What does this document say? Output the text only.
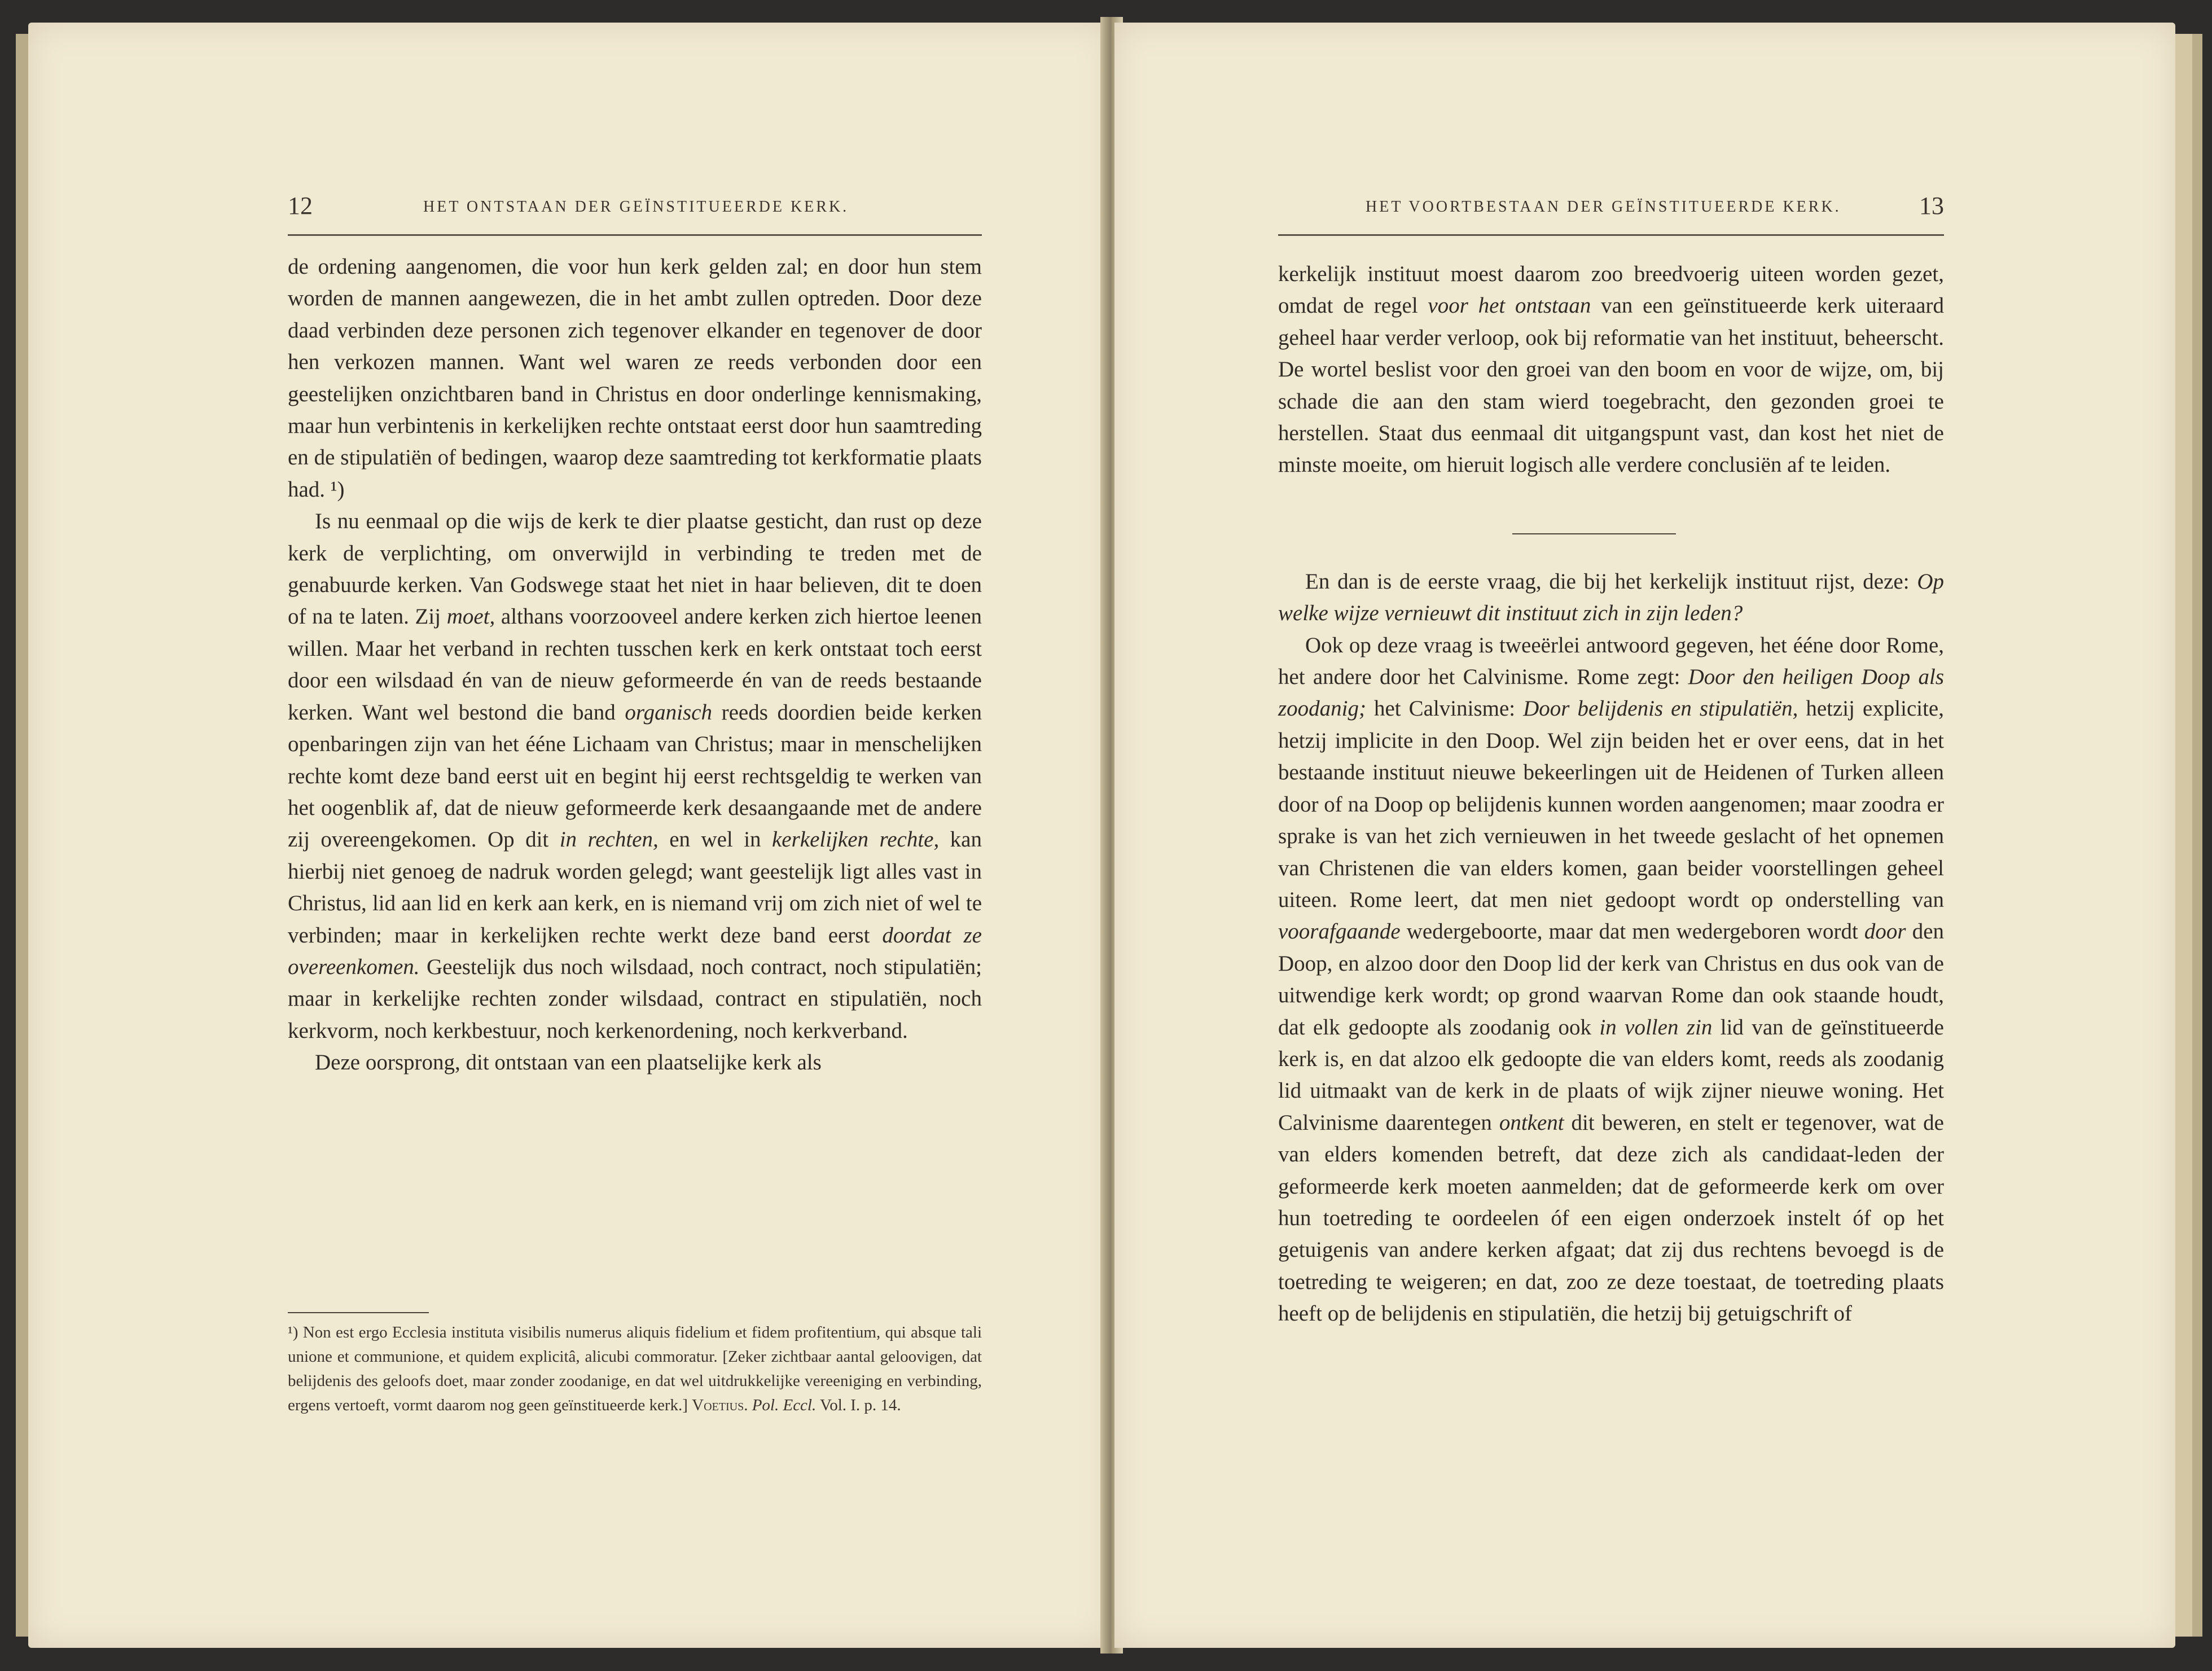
12	HET ONTSTAAN DER GEÏNSTITUEERDE KERK.

de ordening aangenomen, die voor hun kerk gelden zal; en door hun stem worden de mannen aangewezen, die in het ambt zullen optreden. Door deze daad verbinden deze personen zich tegenover elkander en tegenover de door hen verkozen mannen. Want wel waren ze reeds verbonden door een geestelijken onzichtbaren band in Christus en door onderlinge kennismaking, maar hun verbintenis in kerkelijken rechte ontstaat eerst door hun saamtreding en de stipulatiën of bedingen, waarop deze saamtreding tot kerkformatie plaats had. ¹)

Is nu eenmaal op die wijs de kerk te dier plaatse gesticht, dan rust op deze kerk de verplichting, om onverwijld in verbinding te treden met de genabuurde kerken. Van Godswege staat het niet in haar believen, dit te doen of na te laten. Zij moet, althans voorzooveel andere kerken zich hiertoe leenen willen. Maar het verband in rechten tusschen kerk en kerk ontstaat toch eerst door een wilsdaad én van de nieuw geformeerde én van de reeds bestaande kerken. Want wel bestond die band organisch reeds doordien beide kerken openbaringen zijn van het ééne Lichaam van Christus; maar in menschelijken rechte komt deze band eerst uit en begint hij eerst rechtsgeldig te werken van het oogenblik af, dat de nieuw geformeerde kerk desaangaande met de andere zij overeengekomen. Op dit in rechten, en wel in kerkelijken rechte, kan hierbij niet genoeg de nadruk worden gelegd; want geestelijk ligt alles vast in Christus, lid aan lid en kerk aan kerk, en is niemand vrij om zich niet of wel te verbinden; maar in kerkelijken rechte werkt deze band eerst doordat ze overeenkomen. Geestelijk dus noch wilsdaad, noch contract, noch stipulatiën; maar in kerkelijke rechten zonder wilsdaad, contract en stipulatiën, noch kerkvorm, noch kerkbestuur, noch kerkenordening, noch kerkverband.

Deze oorsprong, dit ontstaan van een plaatselijke kerk als

¹) Non est ergo Ecclesia instituta visibilis numerus aliquis fidelium et fidem profitentium, qui absque tali unione et communione, et quidem explicitâ, alicubi commoratur. [Zeker zichtbaar aantal geloovigen, dat belijdenis des geloofs doet, maar zonder zoodanige, en dat wel uitdrukkelijke vereeniging en verbinding, ergens vertoeft, vormt daarom nog geen geïnstitueerde kerk.] Voetius. Pol. Eccl. Vol. I. p. 14.

HET VOORTBESTAAN DER GEÏNSTITUEERDE KERK.	13

kerkelijk instituut moest daarom zoo breedvoerig uiteen worden gezet, omdat de regel voor het ontstaan van een geïnstitueerde kerk uiteraard geheel haar verder verloop, ook bij reformatie van het instituut, beheerscht. De wortel beslist voor den groei van den boom en voor de wijze, om, bij schade die aan den stam wierd toegebracht, den gezonden groei te herstellen. Staat dus eenmaal dit uitgangspunt vast, dan kost het niet de minste moeite, om hieruit logisch alle verdere conclusiën af te leiden.

En dan is de eerste vraag, die bij het kerkelijk instituut rijst, deze: Op welke wijze vernieuwt dit instituut zich in zijn leden?

Ook op deze vraag is tweeërlei antwoord gegeven, het ééne door Rome, het andere door het Calvinisme. Rome zegt: Door den heiligen Doop als zoodanig; het Calvinisme: Door belijdenis en stipulatiën, hetzij explicite, hetzij implicite in den Doop. Wel zijn beiden het er over eens, dat in het bestaande instituut nieuwe bekeerlingen uit de Heidenen of Turken alleen door of na Doop op belijdenis kunnen worden aangenomen; maar zoodra er sprake is van het zich vernieuwen in het tweede geslacht of het opnemen van Christenen die van elders komen, gaan beider voorstellingen geheel uiteen. Rome leert, dat men niet gedoopt wordt op onderstelling van voorafgaande wedergeboorte, maar dat men wedergeboren wordt door den Doop, en alzoo door den Doop lid der kerk van Christus en dus ook van de uitwendige kerk wordt; op grond waarvan Rome dan ook staande houdt, dat elk gedoopte als zoodanig ook in vollen zin lid van de geïnstitueerde kerk is, en dat alzoo elk gedoopte die van elders komt, reeds als zoodanig lid uitmaakt van de kerk in de plaats of wijk zijner nieuwe woning. Het Calvinisme daarentegen ontkent dit beweren, en stelt er tegenover, wat de van elders komenden betreft, dat deze zich als candidaat-leden der geformeerde kerk moeten aanmelden; dat de geformeerde kerk om over hun toetreding te oordeelen óf een eigen onderzoek instelt óf op het getuigenis van andere kerken afgaat; dat zij dus rechtens bevoegd is de toetreding te weigeren; en dat, zoo ze deze toestaat, de toetreding plaats heeft op de belijdenis en stipulatiën, die hetzij bij getuigschrift of
